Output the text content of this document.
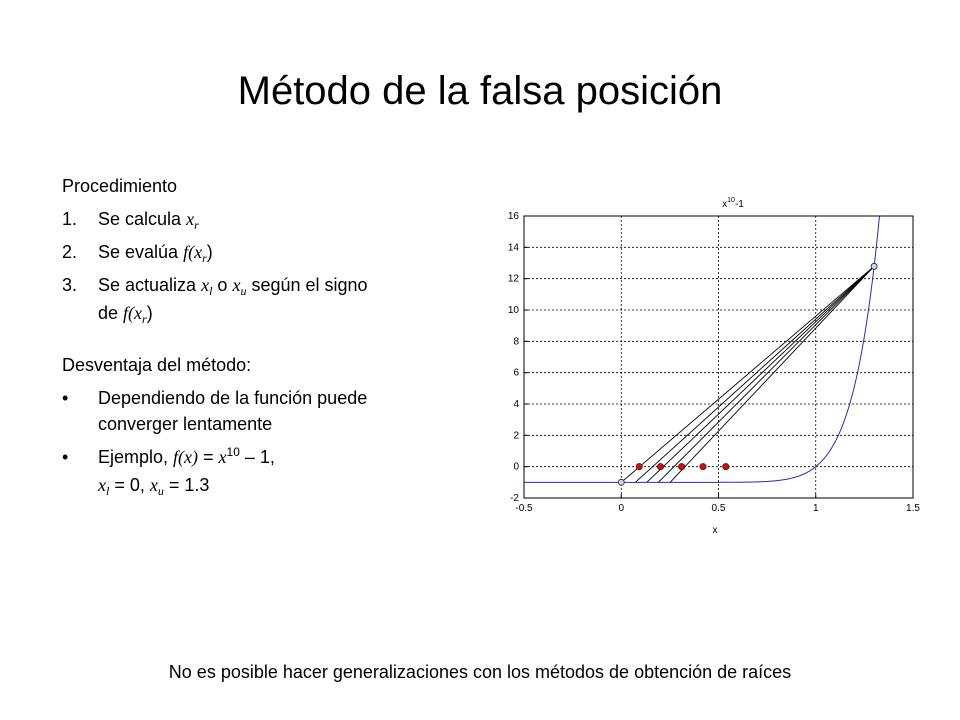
Método de la falsa posición
Procedimiento
1. Se calcula $x_r$
2. Se evalúa $f(x_r)$
3. Se actualiza $x_l$ o $x_u$ según el signo
de $f(x_r)$
Desventaja del método:
• Dependiendo de la función puede
converger lentamente
• Ejemplo, $f(x) = x^{10} - 1$,
$x_l = 0$, $x_u = 1.3$
$x^{10}-1$
x
-0.5	0	0.5	1	1.5
-2
0
2
4
6
8
10
12
14
16
No es posible hacer generalizaciones con los métodos de obtención de raíces
